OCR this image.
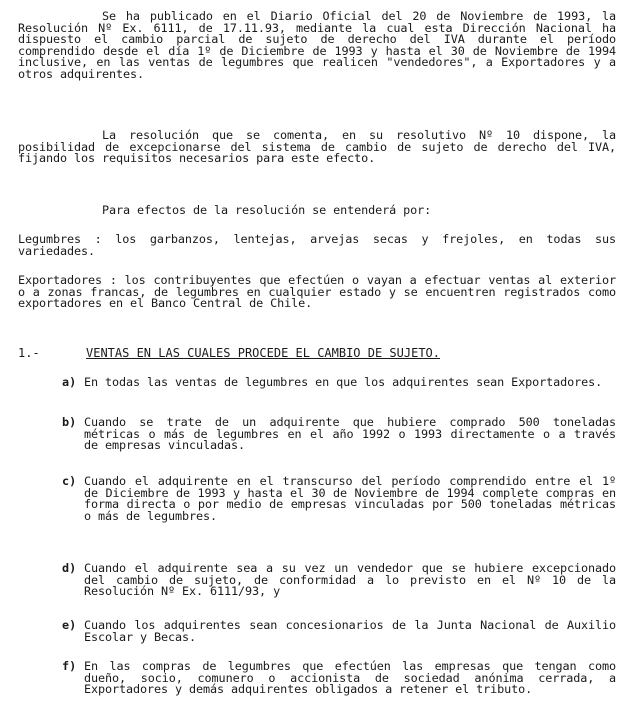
Se ha publicado en el Diario Oficial del 20 de Noviembre de 1993, la Resolución Nº Ex. 6111, de 17.11.93, mediante la cual esta Dirección Nacional ha dispuesto el cambio parcial de sujeto de derecho del IVA durante el período comprendido desde el día 1º de Diciembre de 1993 y hasta el 30 de Noviembre de 1994 inclusive, en las ventas de legumbres que realicen "vendedores", a Exportadores y a otros adquirentes.

La resolución que se comenta, en su resolutivo Nº 10 dispone, la posibilidad de excepcionarse del sistema de cambio de sujeto de derecho del IVA, fijando los requisitos necesarios para este efecto.

Para efectos de la resolución se entenderá por:

Legumbres : los garbanzos, lentejas, arvejas secas y frejoles, en todas sus variedades.

Exportadores : los contribuyentes que efectúen o vayan a efectuar ventas al exterior o a zonas francas, de legumbres en cualquier estado y se encuentren registrados como exportadores en el Banco Central de Chile.

1.-	VENTAS EN LAS CUALES PROCEDE EL CAMBIO DE SUJETO.
a) En todas las ventas de legumbres en que los adquirentes sean Exportadores.
b) Cuando se trate de un adquirente que hubiere comprado 500 toneladas métricas o más de legumbres en el año 1992 o 1993 directamente o a través de empresas vinculadas.
c) Cuando el adquirente en el transcurso del período comprendido entre el 1º de Diciembre de 1993 y hasta el 30 de Noviembre de 1994 complete compras en forma directa o por medio de empresas vinculadas por 500 toneladas métricas o más de legumbres.
d) Cuando el adquirente sea a su vez un vendedor que se hubiere excepcionado del cambio de sujeto, de conformidad a lo previsto en el Nº 10 de la Resolución Nº Ex. 6111/93, y
e) Cuando los adquirentes sean concesionarios de la Junta Nacional de Auxilio Escolar y Becas.
f) En las compras de legumbres que efectúen las empresas que tengan como dueño, socio, comunero o accionista de sociedad anónima cerrada, a Exportadores y demás adquirentes obligados a retener el tributo.
